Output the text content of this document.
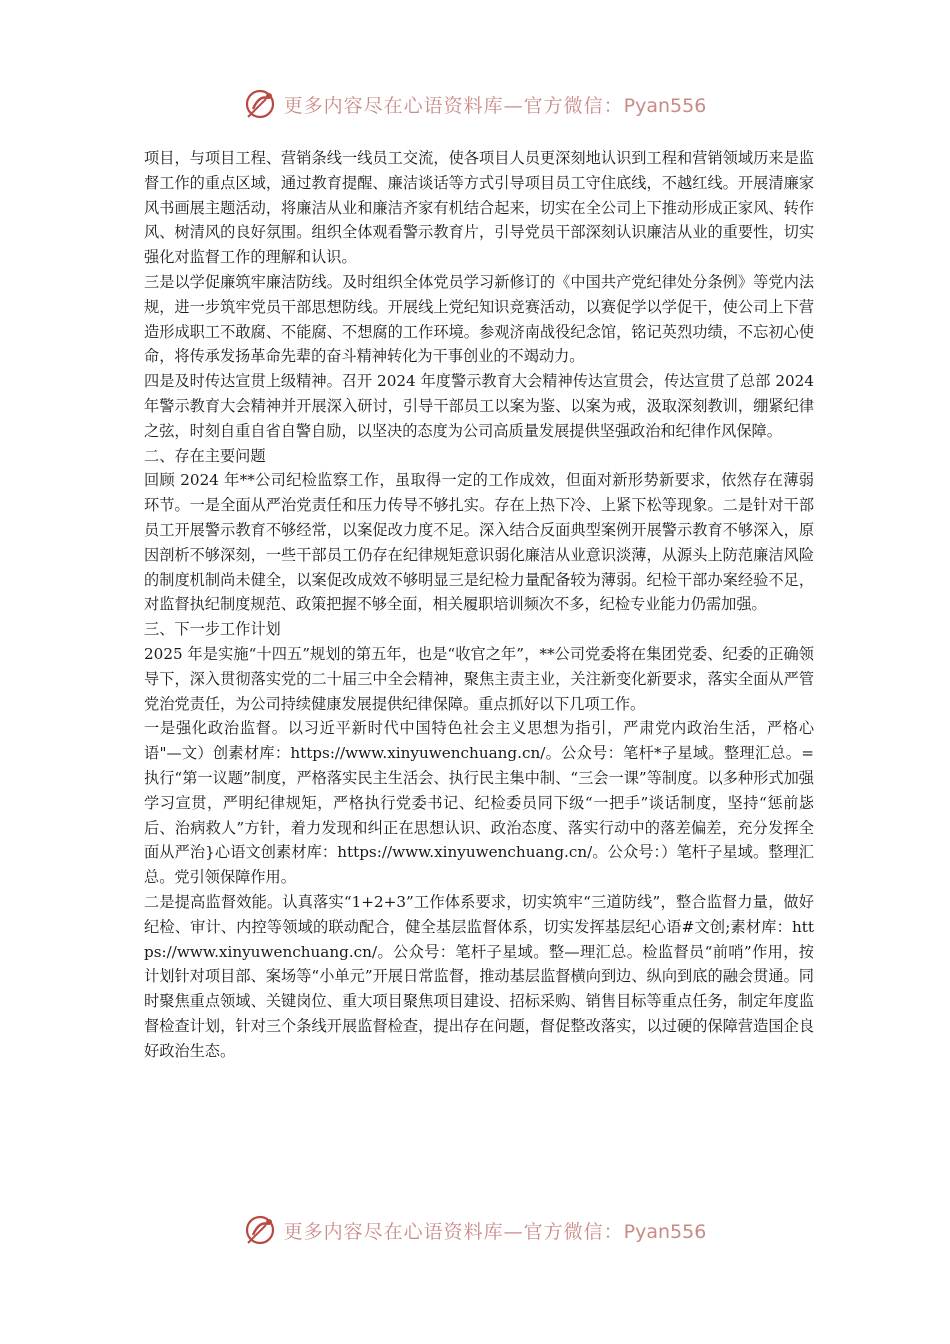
更多内容尽在心语资料库—官方微信：Pyan556

项目，与项目工程、营销条线一线员工交流，使各项目人员更深刻地认识到工程和营销领域历来是监督工作的重点区域，通过教育提醒、廉洁谈话等方式引导项目员工守住底线，不越红线。开展清廉家风书画展主题活动，将廉洁从业和廉洁齐家有机结合起来，切实在全公司上下推动形成正家风、转作风、树清风的良好氛围。组织全体观看警示教育片，引导党员干部深刻认识廉洁从业的重要性，切实强化对监督工作的理解和认识。

三是以学促廉筑牢廉洁防线。及时组织全体党员学习新修订的《中国共产党纪律处分条例》等党内法规，进一步筑牢党员干部思想防线。开展线上党纪知识竞赛活动，以赛促学以学促干，使公司上下营造形成职工不敢腐、不能腐、不想腐的工作环境。参观济南战役纪念馆，铭记英烈功绩，不忘初心使命，将传承发扬革命先辈的奋斗精神转化为干事创业的不竭动力。

四是及时传达宣贯上级精神。召开 2024 年度警示教育大会精神传达宣贯会，传达宣贯了总部 2024 年警示教育大会精神并开展深入研讨，引导干部员工以案为鉴、以案为戒，汲取深刻教训，绷紧纪律之弦，时刻自重自省自警自励，以坚决的态度为公司高质量发展提供坚强政治和纪律作风保障。

二、存在主要问题

回顾 2024 年**公司纪检监察工作，虽取得一定的工作成效，但面对新形势新要求，依然存在薄弱环节。一是全面从严治党责任和压力传导不够扎实。存在上热下冷、上紧下松等现象。二是针对干部员工开展警示教育不够经常，以案促改力度不足。深入结合反面典型案例开展警示教育不够深入，原因剖析不够深刻，一些干部员工仍存在纪律规矩意识弱化廉洁从业意识淡薄，从源头上防范廉洁风险的制度机制尚未健全，以案促改成效不够明显三是纪检力量配备较为薄弱。纪检干部办案经验不足，对监督执纪制度规范、政策把握不够全面，相关履职培训频次不多，纪检专业能力仍需加强。

三、下一步工作计划

2025 年是实施“十四五”规划的第五年，也是“收官之年”，**公司党委将在集团党委、纪委的正确领导下，深入贯彻落实党的二十届三中全会精神，聚焦主责主业，关注新变化新要求，落实全面从严管党治党责任，为公司持续健康发展提供纪律保障。重点抓好以下几项工作。

一是强化政治监督。以习近平新时代中国特色社会主义思想为指引，严肃党内政治生活，严格心语"—文）创素材库：https://www.xinyuwenchuang.cn/。公众号：笔杆*子星域。整理汇总。=执行“第一议题”制度，严格落实民主生活会、执行民主集中制、“三会一课”等制度。以多种形式加强学习宣贯，严明纪律规矩，严格执行党委书记、纪检委员同下级“一把手”谈话制度，坚持“惩前毖后、治病救人”方针，着力发现和纠正在思想认识、政治态度、落实行动中的落差偏差，充分发挥全面从严治}心语文创素材库：https://www.xinyuwenchuang.cn/。公众号：）笔杆子星域。整理汇总。党引领保障作用。

二是提高监督效能。认真落实“1+2+3”工作体系要求，切实筑牢“三道防线”，整合监督力量，做好纪检、审计、内控等领域的联动配合，健全基层监督体系，切实发挥基层纪心语#文创;素材库：https://www.xinyuwenchuang.cn/。公众号：笔杆子星域。整—理汇总。检监督员“前哨”作用，按计划针对项目部、案场等“小单元”开展日常监督，推动基层监督横向到边、纵向到底的融会贯通。同时聚焦重点领域、关键岗位、重大项目聚焦项目建设、招标采购、销售目标等重点任务，制定年度监督检查计划，针对三个条线开展监督检查，提出存在问题，督促整改落实，以过硬的保障营造国企良好政治生态。

更多内容尽在心语资料库—官方微信：Pyan556
